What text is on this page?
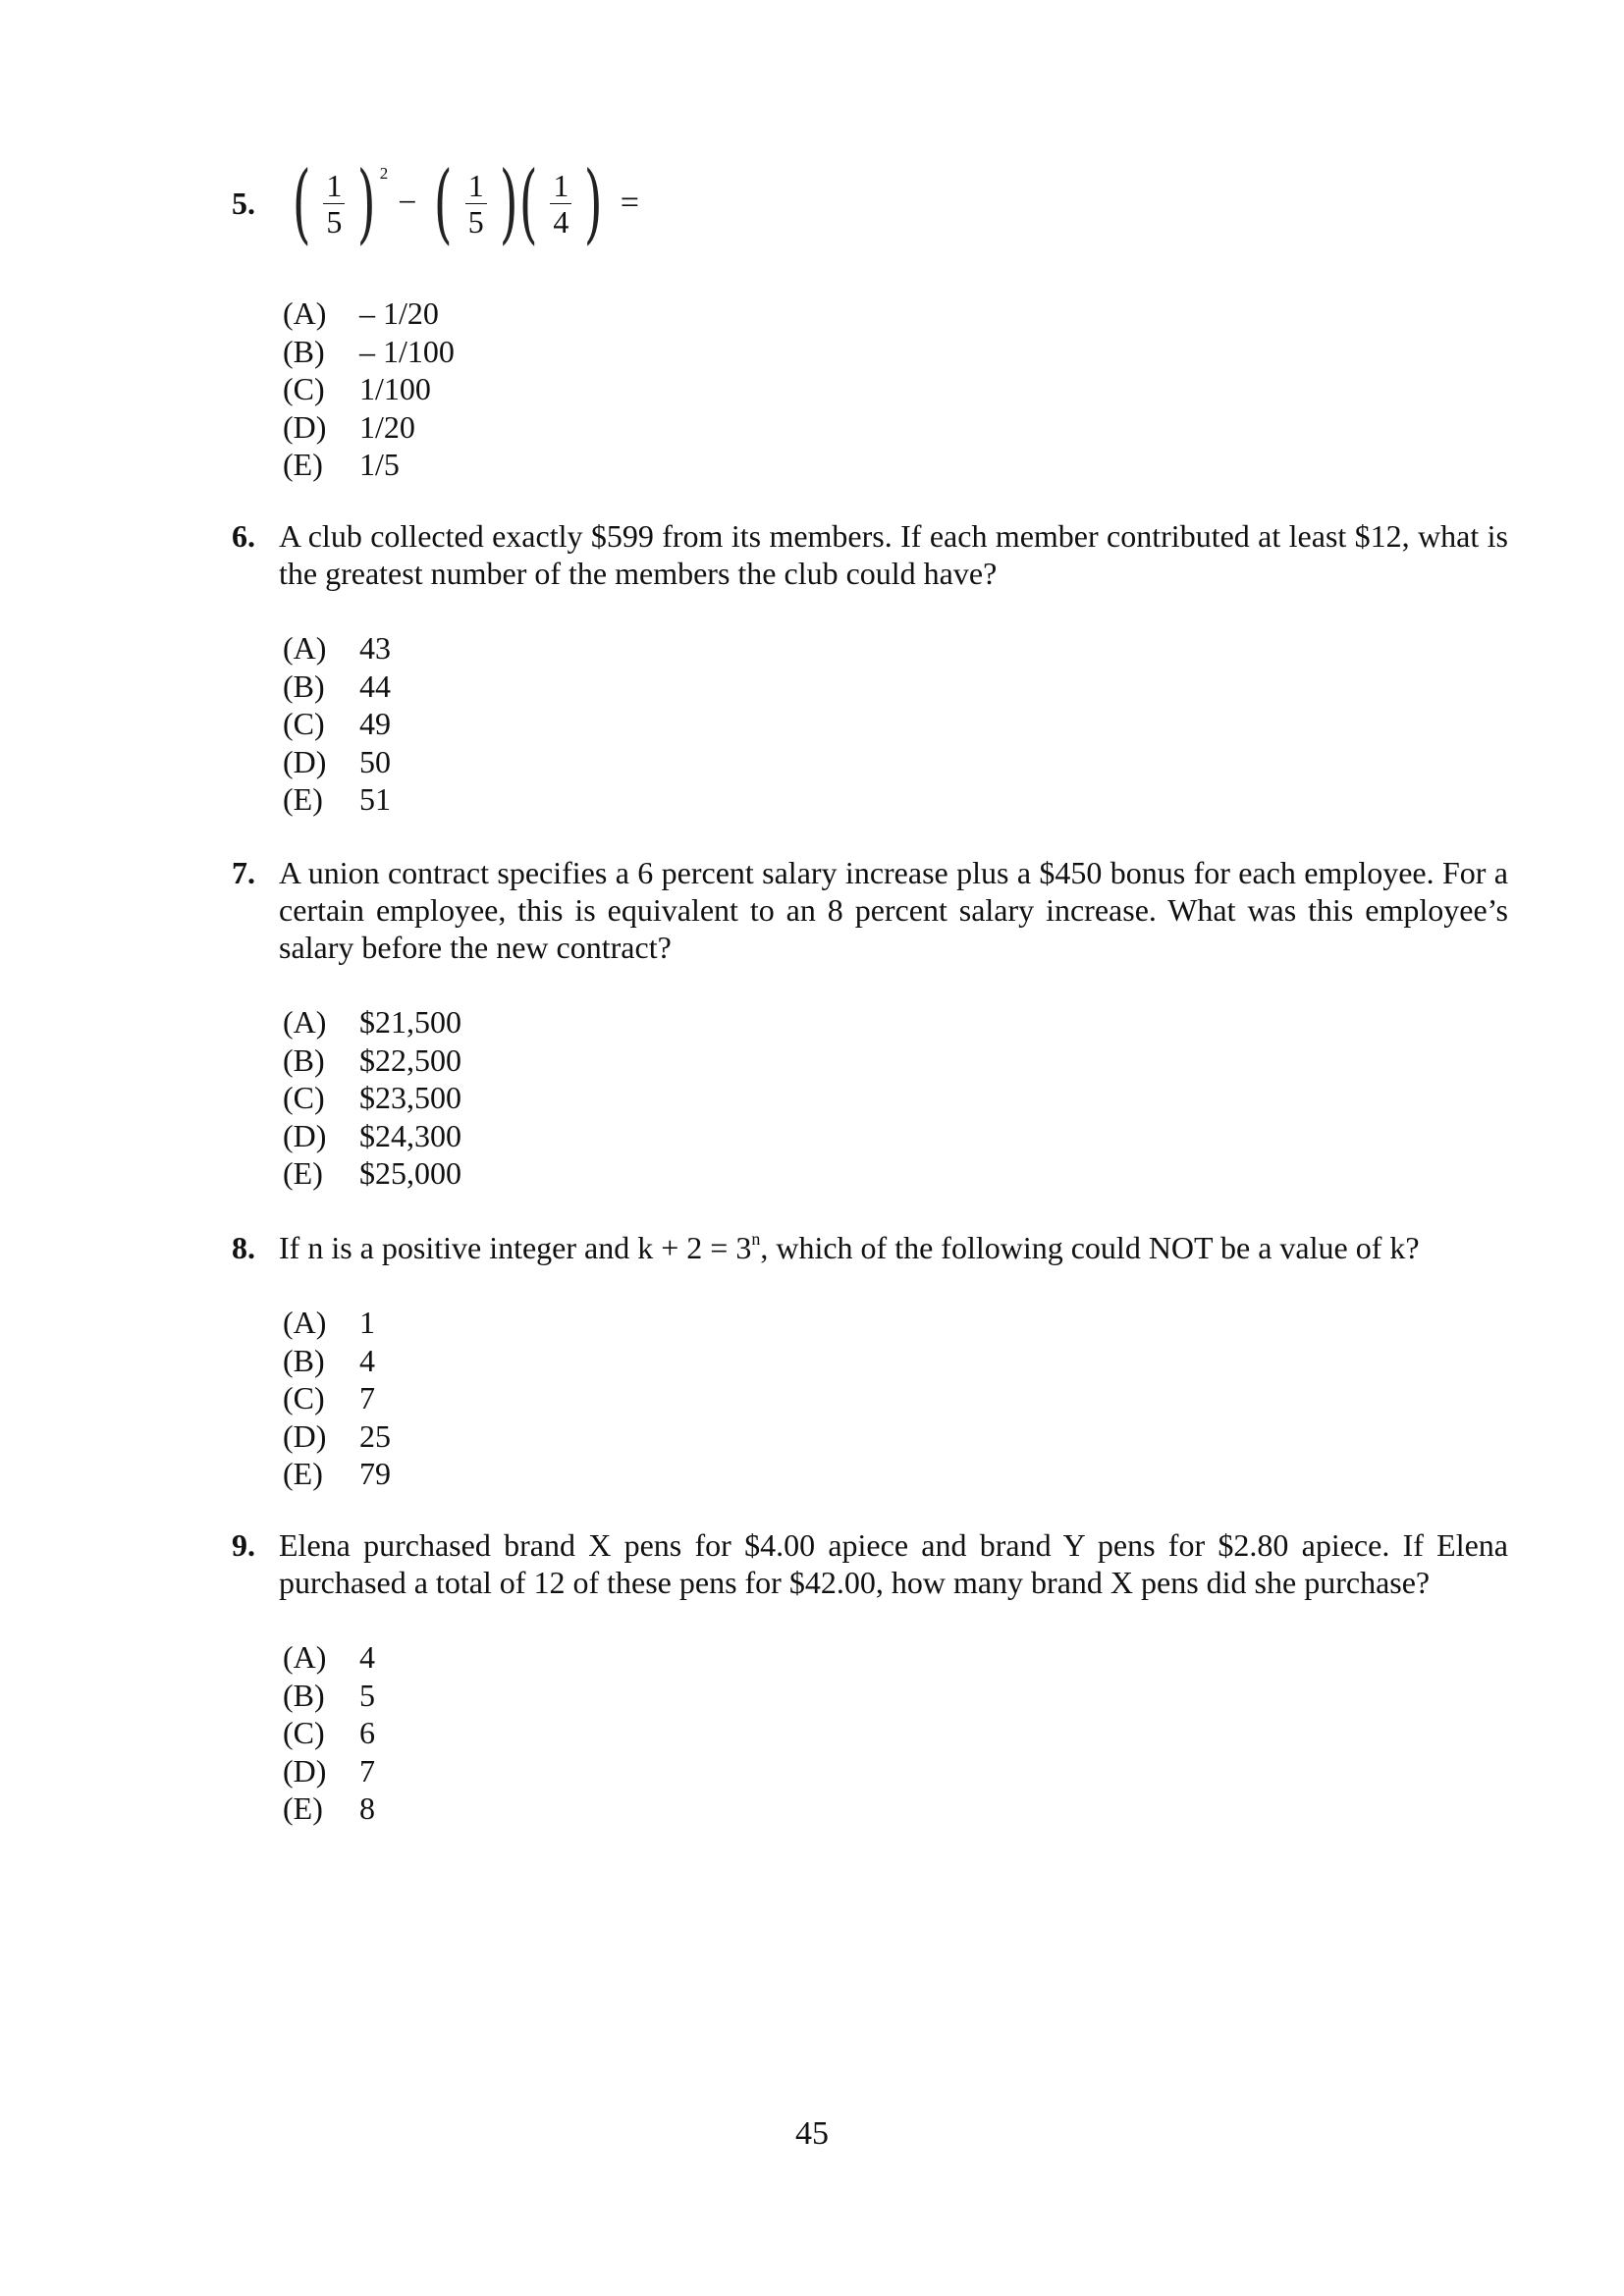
5. ( $\frac{1}{5}$ ) 2
− ( $\frac{1}{5}$ ) ( $\frac{1}{4}$ ) =
(A)	– 1/20
(B)	– 1/100
(C)	1/100
(D)	1/20
(E)	1/5
6. A club collected exactly $599 from its members. If each member contributed at least $12, what is the greatest number of the members the club could have?
(A)	43
(B)	44
(C)	49
(D)	50
(E)	51
7. A union contract specifies a 6 percent salary increase plus a $450 bonus for each employee. For a certain employee, this is equivalent to an 8 percent salary increase. What was this employee’s salary before the new contract?
(A)	$21,500
(B)	$22,500
(C)	$23,500
(D)	$24,300
(E)	$25,000
8. If n is a positive integer and $k + 2 = 3^n$, which of the following could NOT be a value of k?
(A)	1
(B)	4
(C)	7
(D)	25
(E)	79
9. Elena purchased brand X pens for $4.00 apiece and brand Y pens for $2.80 apiece. If Elena purchased a total of 12 of these pens for $42.00, how many brand X pens did she purchase?
(A)	4
(B)	5
(C)	6
(D)	7
(E)	8
45
